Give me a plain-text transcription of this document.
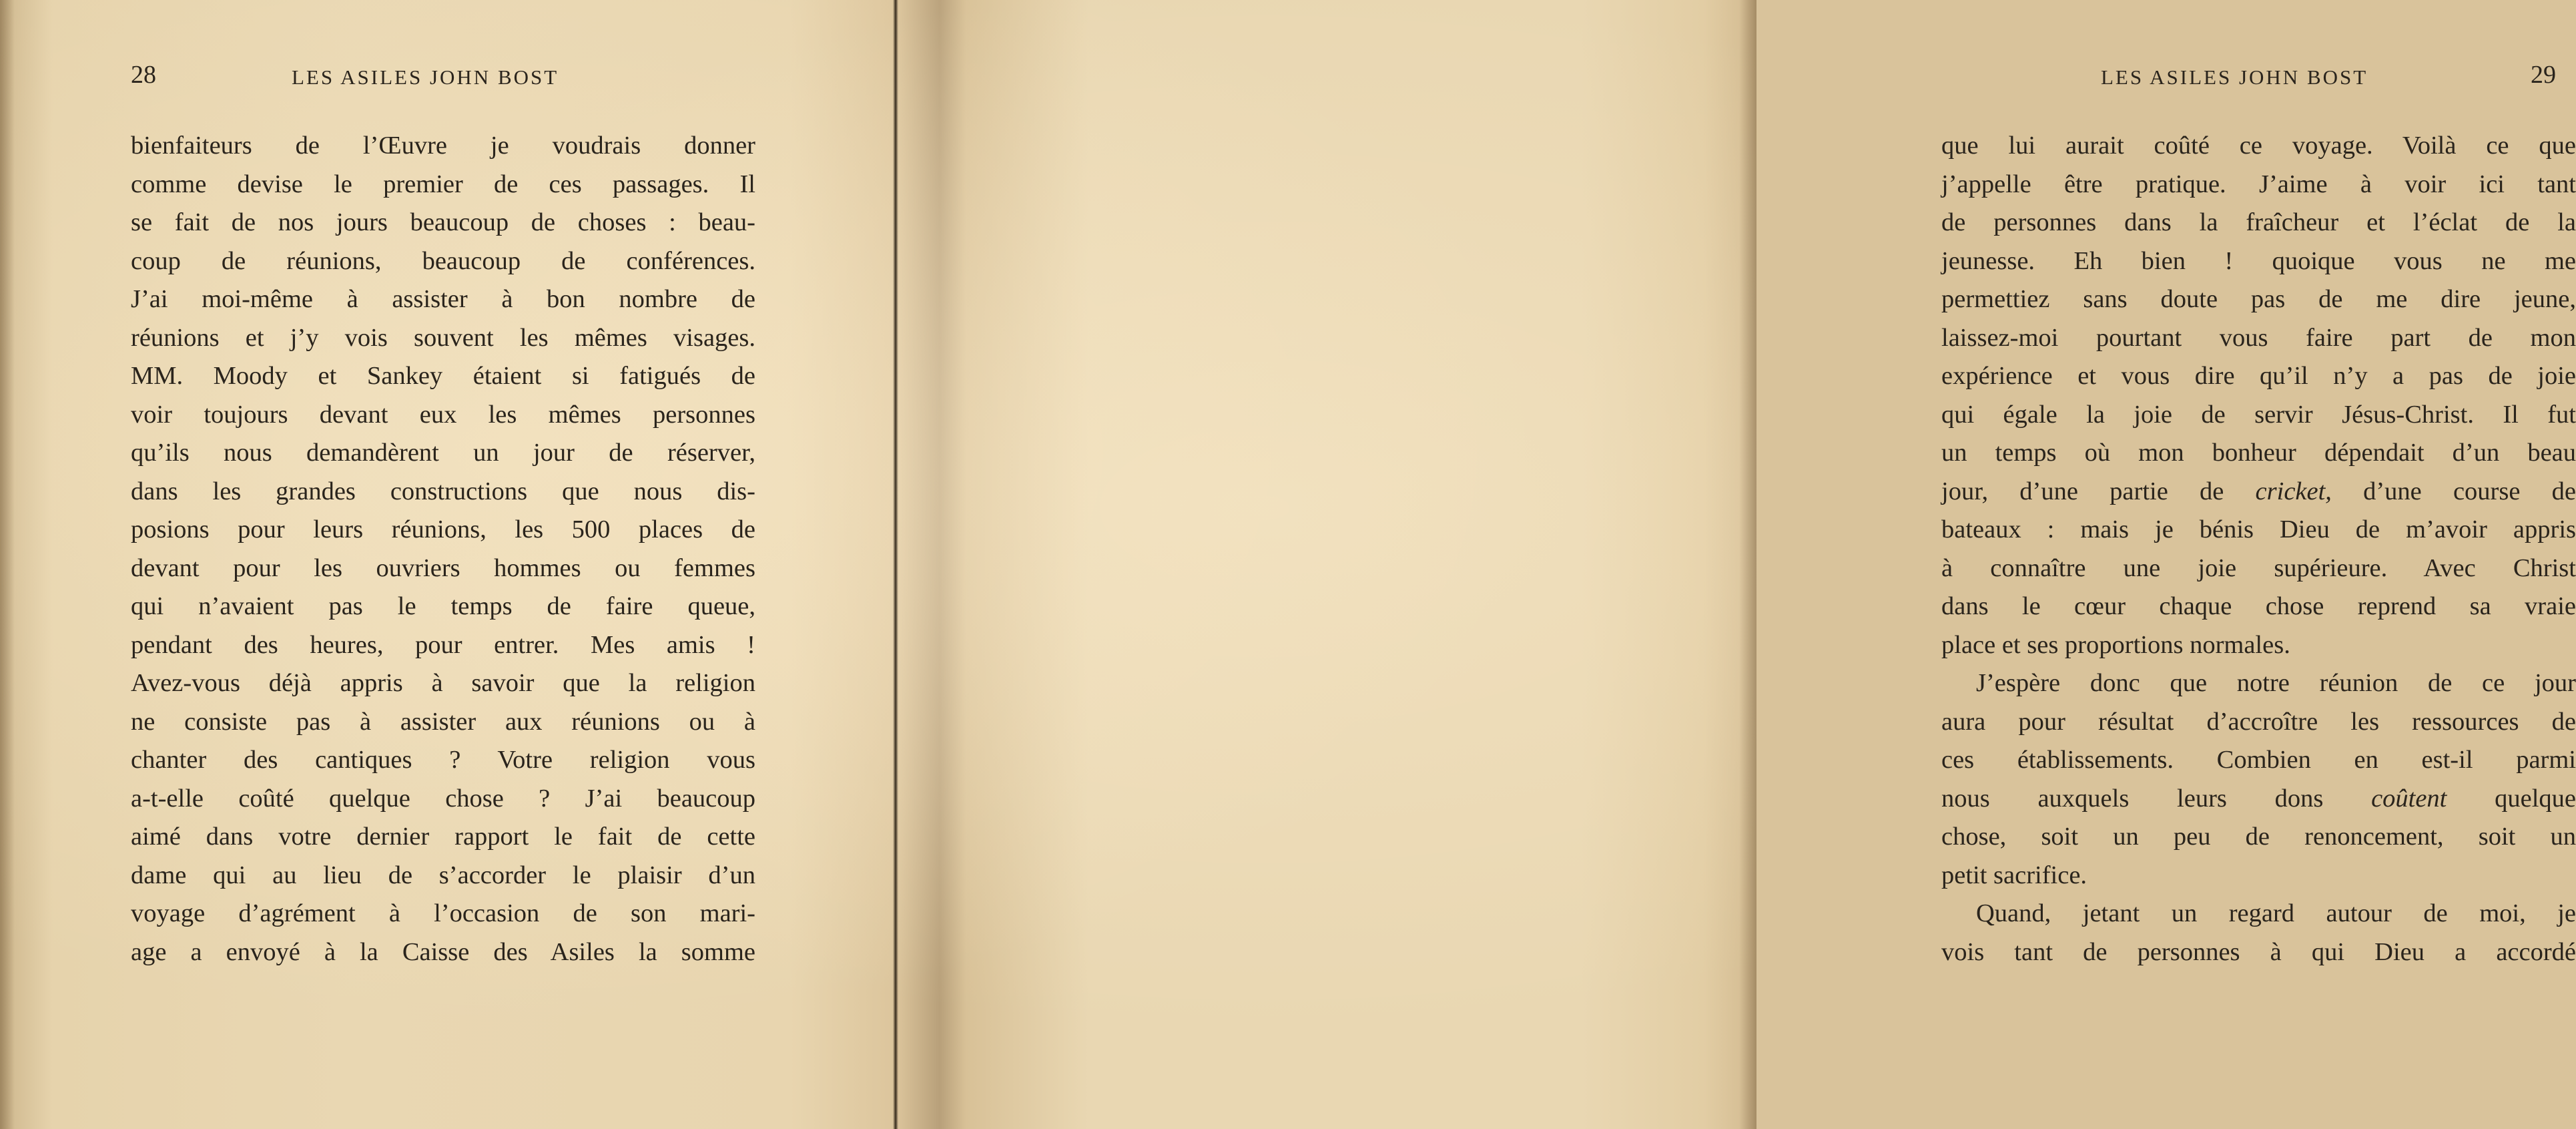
28	LES ASILES JOHN BOST
bienfaiteurs de l’Œuvre je voudrais donner
comme devise le premier de ces passages. Il
se fait de nos jours beaucoup de choses : beau-
coup de réunions, beaucoup de conférences.
J’ai moi-même à assister à bon nombre de
réunions et j’y vois souvent les mêmes visages.
MM. Moody et Sankey étaient si fatigués de
voir toujours devant eux les mêmes personnes
qu’ils nous demandèrent un jour de réserver,
dans les grandes constructions que nous dis-
posions pour leurs réunions, les 500 places de
devant pour les ouvriers hommes ou femmes
qui n’avaient pas le temps de faire queue,
pendant des heures, pour entrer. Mes amis !
Avez-vous déjà appris à savoir que la religion
ne consiste pas à assister aux réunions ou à
chanter des cantiques ? Votre religion vous
a-t-elle coûté quelque chose ? J’ai beaucoup
aimé dans votre dernier rapport le fait de cette
dame qui au lieu de s’accorder le plaisir d’un
voyage d’agrément à l’occasion de son mari-
age a envoyé à la Caisse des Asiles la somme
LES ASILES JOHN BOST	29
que lui aurait coûté ce voyage. Voilà ce que
j’appelle être pratique. J’aime à voir ici tant
de personnes dans la fraîcheur et l’éclat de la
jeunesse. Eh bien ! quoique vous ne me
permettiez sans doute pas de me dire jeune,
laissez-moi pourtant vous faire part de mon
expérience et vous dire qu’il n’y a pas de joie
qui égale la joie de servir Jésus-Christ. Il fut
un temps où mon bonheur dépendait d’un beau
jour, d’une partie de cricket, d’une course de
bateaux : mais je bénis Dieu de m’avoir appris
à connaître une joie supérieure. Avec Christ
dans le cœur chaque chose reprend sa vraie
place et ses proportions normales.
J’espère donc que notre réunion de ce jour
aura pour résultat d’accroître les ressources de
ces établissements. Combien en est-il parmi
nous auxquels leurs dons coûtent quelque
chose, soit un peu de renoncement, soit un
petit sacrifice.
Quand, jetant un regard autour de moi, je
vois tant de personnes à qui Dieu a accordé
